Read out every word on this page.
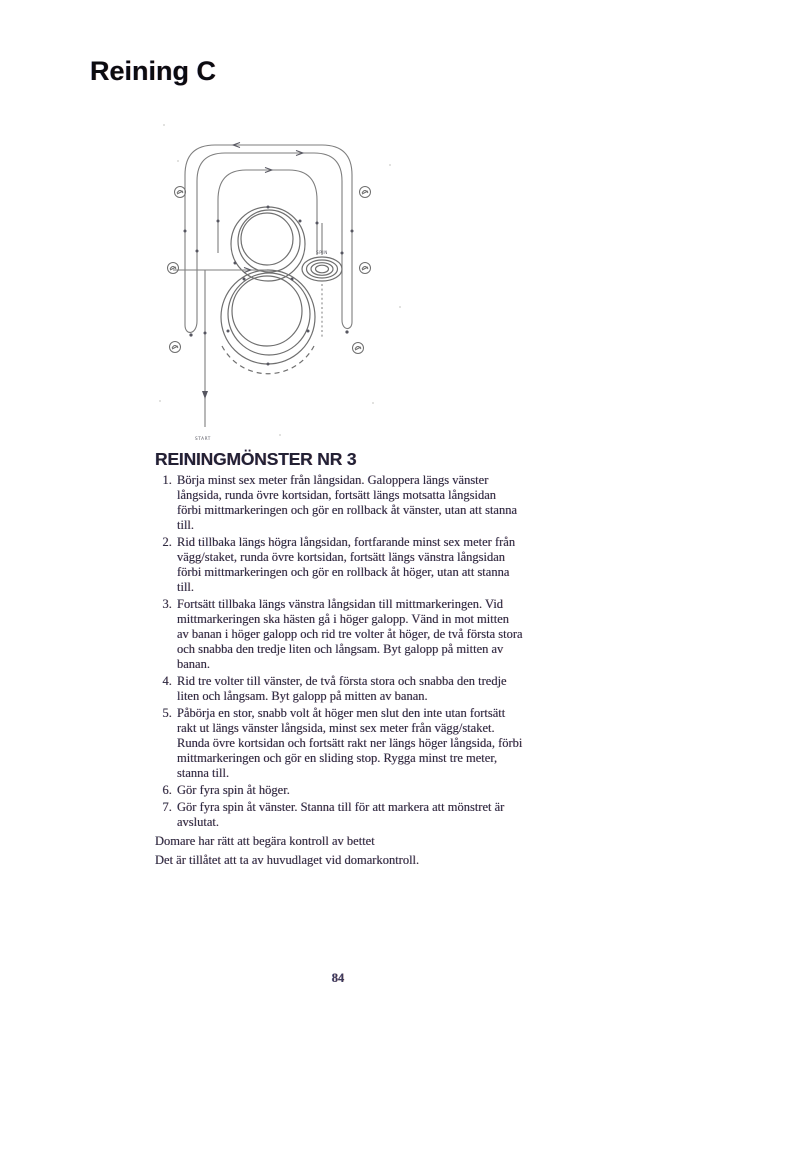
Reining C
SPIN
START
REININGMÖNSTER NR 3
1. Börja minst sex meter från långsidan. Galoppera längs vänster långsida, runda övre kortsidan, fortsätt längs motsatta långsidan förbi mittmarkeringen och gör en rollback åt vänster, utan att stanna till.
2. Rid tillbaka längs högra långsidan, fortfarande minst sex meter från vägg/staket, runda övre kortsidan, fortsätt längs vänstra långsidan förbi mittmarkeringen och gör en rollback åt höger, utan att stanna till.
3. Fortsätt tillbaka längs vänstra långsidan till mittmarkeringen. Vid mittmarkeringen ska hästen gå i höger galopp. Vänd in mot mitten av banan i höger galopp och rid tre volter åt höger, de två första stora och snabba den tredje liten och långsam. Byt galopp på mitten av banan.
4. Rid tre volter till vänster, de två första stora och snabba den tredje liten och långsam. Byt galopp på mitten av banan.
5. Påbörja en stor, snabb volt åt höger men slut den inte utan fortsätt rakt ut längs vänster långsida, minst sex meter från vägg/staket. Runda övre kortsidan och fortsätt rakt ner längs höger långsida, förbi mittmarkeringen och gör en sliding stop. Rygga minst tre meter, stanna till.
6. Gör fyra spin åt höger.
7. Gör fyra spin åt vänster. Stanna till för att markera att mönstret är avslutat.

Domare har rätt att begära kontroll av bettet

Det är tillåtet att ta av huvudlaget vid domarkontroll.

84
